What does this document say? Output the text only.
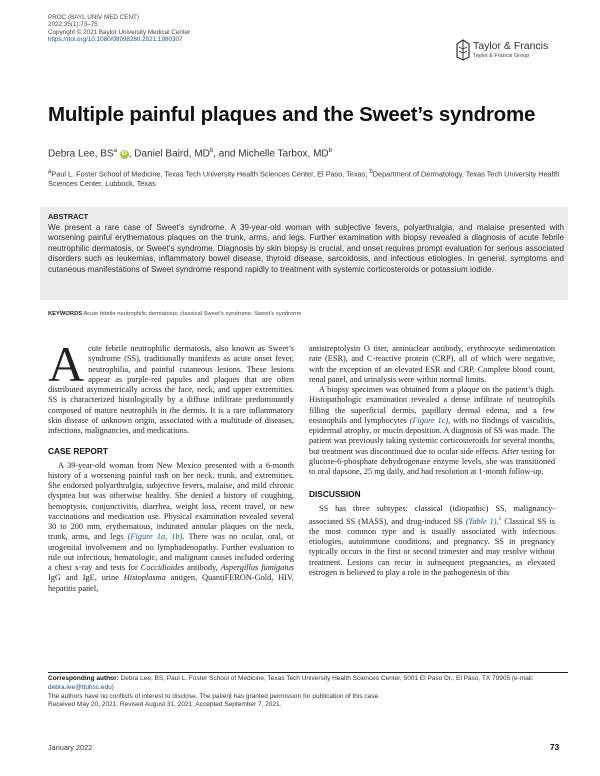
PROC (BAYL UNIV MED CENT)
2022;35(1):73–75
Copyright © 2021 Baylor University Medical Center
https://doi.org/10.1080/08998280.2021.1980307
Taylor & Francis
Taylor & Francis Group
Multiple painful plaques and the Sweet’s syndrome
Debra Lee, $BS^a$ iD , Daniel Baird, $MD^b$, and Michelle Tarbox, $MD^b$
$^a$Paul L. Foster School of Medicine, Texas Tech University Health Sciences Center, El Paso, Texas; $^b$Department of Dermatology, Texas Tech University Health Sciences Center, Lubbock, Texas
ABSTRACT
We present a rare case of Sweet’s syndrome. A 39-year-old woman with subjective fevers, polyarthralgia, and malaise presented with worsening painful erythematous plaques on the trunk, arms, and legs. Further examination with biopsy revealed a diagnosis of acute febrile neutrophilic dermatosis, or Sweet’s syndrome. Diagnosis by skin biopsy is crucial, and onset requires prompt evaluation for serious associated disorders such as leukemias, inflammatory bowel disease, thyroid disease, sarcoidosis, and infectious etiologies. In general, symptoms and cutaneous manifestations of Sweet syndrome respond rapidly to treatment with systemic corticosteroids or potassium iodide.
KEYWORDS Acute febrile neutrophilic dermatosis; classical Sweet’s syndrome; Sweet’s syndrome

Acute febrile neutrophilic dermatosis, also known as Sweet’s syndrome (SS), traditionally manifests as acute onset fever, neutrophilia, and painful cutaneous lesions. These lesions appear as purple-red papules and plaques that are often distributed asymmetrically across the face, neck, and upper extremities. SS is characterized histologically by a diffuse infiltrate predominantly composed of mature neutrophils in the dermis. It is a rare inflammatory skin disease of unknown origin, associated with a multitude of diseases, infections, malignancies, and medications.

CASE REPORT

A 39-year-old woman from New Mexico presented with a 6-month history of a worsening painful rash on her neck, trunk, and extremities. She endorsed polyarthralgia, subjective fevers, malaise, and mild chronic dyspnea but was otherwise healthy. She denied a history of coughing, hemoptysis, conjunctivitis, diarrhea, weight loss, recent travel, or new vaccinations and medication use. Physical examination revealed several 30 to 200 mm, erythematous, indurated annular plaques on the neck, trunk, arms, and legs (Figure 1a, 1b). There was no ocular, oral, or urogenital involvement and no lymphadenopathy. Further evaluation to rule out infectious, hematologic, and malignant causes included ordering a chest x-ray and tests for Coccidioides antibody, Aspergillus fumigatus IgG and IgE, urine Histoplasma antigen, QuantiFERON-Gold, HIV, hepatitis panel,

antistreptolysin O titer, antinuclear antibody, erythrocyte sedimentation rate (ESR), and C-reactive protein (CRP), all of which were negative, with the exception of an elevated ESR and CRP. Complete blood count, renal panel, and urinalysis were within normal limits.

A biopsy specimen was obtained from a plaque on the patient’s thigh. Histopathologic examination revealed a dense infiltrate of neutrophils filling the superficial dermis, papillary dermal edema, and a few eosinophils and lymphocytes (Figure 1c), with no findings of vasculitis, epidermal atrophy, or mucin deposition. A diagnosis of SS was made. The patient was previously taking systemic corticosteroids for several months, but treatment was discontinued due to ocular side effects. After testing for glucose-6-phosphate dehydrogenase enzyme levels, she was transitioned to oral dapsone, 25 mg daily, and had resolution at 1-month follow-up.

DISCUSSION

SS has three subtypes: classical (idiopathic) SS, malignancy-associated SS (MASS), and drug-induced SS (Table 1).$^1$ Classical SS is the most common type and is usually associated with infectious etiologies, autoimmune conditions, and pregnancy. SS in pregnancy typically occurs in the first or second trimester and may resolve without treatment. Lesions can recur in subsequent pregnancies, as elevated estrogen is believed to play a role in the pathogenesis of this

Corresponding author: Debra Lee, BS, Paul L. Foster School of Medicine, Texas Tech University Health Sciences Center, 5001 El Paso Dr., El Paso, TX 79905 (e-mail: debra.lee@ttuhsc.edu)
The authors have no conflicts of interest to disclose. The patient has granted permission for publication of this case.
Received May 20, 2021; Revised August 31, 2021; Accepted September 7, 2021.
January 2022	73
